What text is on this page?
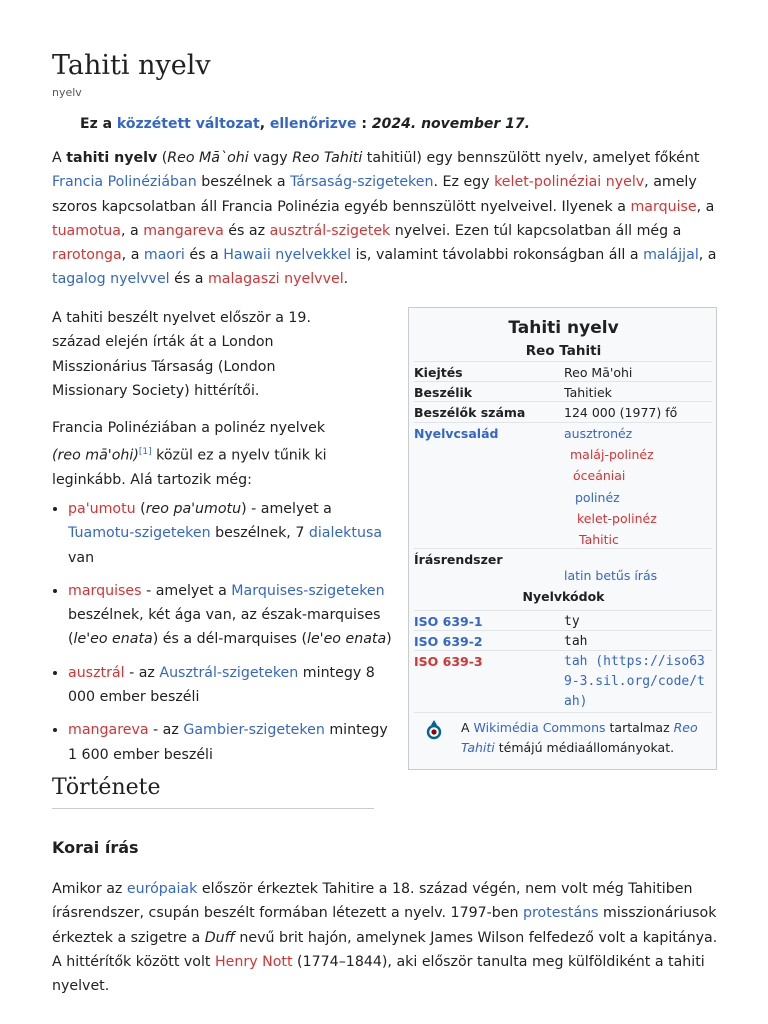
Tahiti nyelv
nyelv
Ez a közzétett változat, ellenőrizve : 2024. november 17.

A tahiti nyelv (Reo Mā`ohi vagy Reo Tahiti tahitiül) egy bennszülött nyelv, amelyet főként Francia Polinéziában beszélnek a Társaság-szigeteken. Ez egy kelet-polinéziai nyelv, amely szoros kapcsolatban áll Francia Polinézia egyéb bennszülött nyelveivel. Ilyenek a marquise, a tuamotua, a mangareva és az ausztrál-szigetek nyelvei. Ezen túl kapcsolatban áll még a rarotonga, a maori és a Hawaii nyelvekkel is, valamint távolabbi rokonságban áll a malájjal, a tagalog nyelvvel és a malagaszi nyelvvel.

A tahiti beszélt nyelvet először a 19. század elején írták át a London Misszionárius Társaság (London Missionary Society) hittérítői.

Francia Polinéziában a polinéz nyelvek (reo mā'ohi)[1] közül ez a nyelv tűnik ki leginkább. Alá tartozik még:

• pa'umotu (reo pa'umotu) - amelyet a Tuamotu-szigeteken beszélnek, 7 dialektusa van
• marquises - amelyet a Marquises-szigeteken beszélnek, két ága van, az észak-marquises (le'eo enata) és a dél-marquises (le'eo enata)
• ausztrál - az Ausztrál-szigeteken mintegy 8 000 ember beszéli
• mangareva - az Gambier-szigeteken mintegy 1 600 ember beszéli
Története
Korai írás

Amikor az európaiak először érkeztek Tahitire a 18. század végén, nem volt még Tahitiben írásrendszer, csupán beszélt formában létezett a nyelv. 1797-ben protestáns misszionáriusok érkeztek a szigetre a Duff nevű brit hajón, amelynek James Wilson felfedező volt a kapitánya. A hittérítők között volt Henry Nott (1774–1844), aki először tanulta meg külföldiként a tahiti nyelvet.

Tahiti nyelv
Reo Tahiti
Kiejtés	Reo Mā'ohi
Beszélik	Tahitiek
Beszélők száma	124 000 (1977) fő
Nyelvcsalád	ausztronéz
maláj-polinéz
óceániai
polinéz
kelet-polinéz
Tahitic
Írásrendszer
latin betűs írás
Nyelvkódok
ISO 639-1	ty
ISO 639-2	tah
ISO 639-3	tah (https://iso639-3.sil.org/code/tah)
A Wikimédia Commons tartalmaz Reo Tahiti témájú médiaállományokat.
